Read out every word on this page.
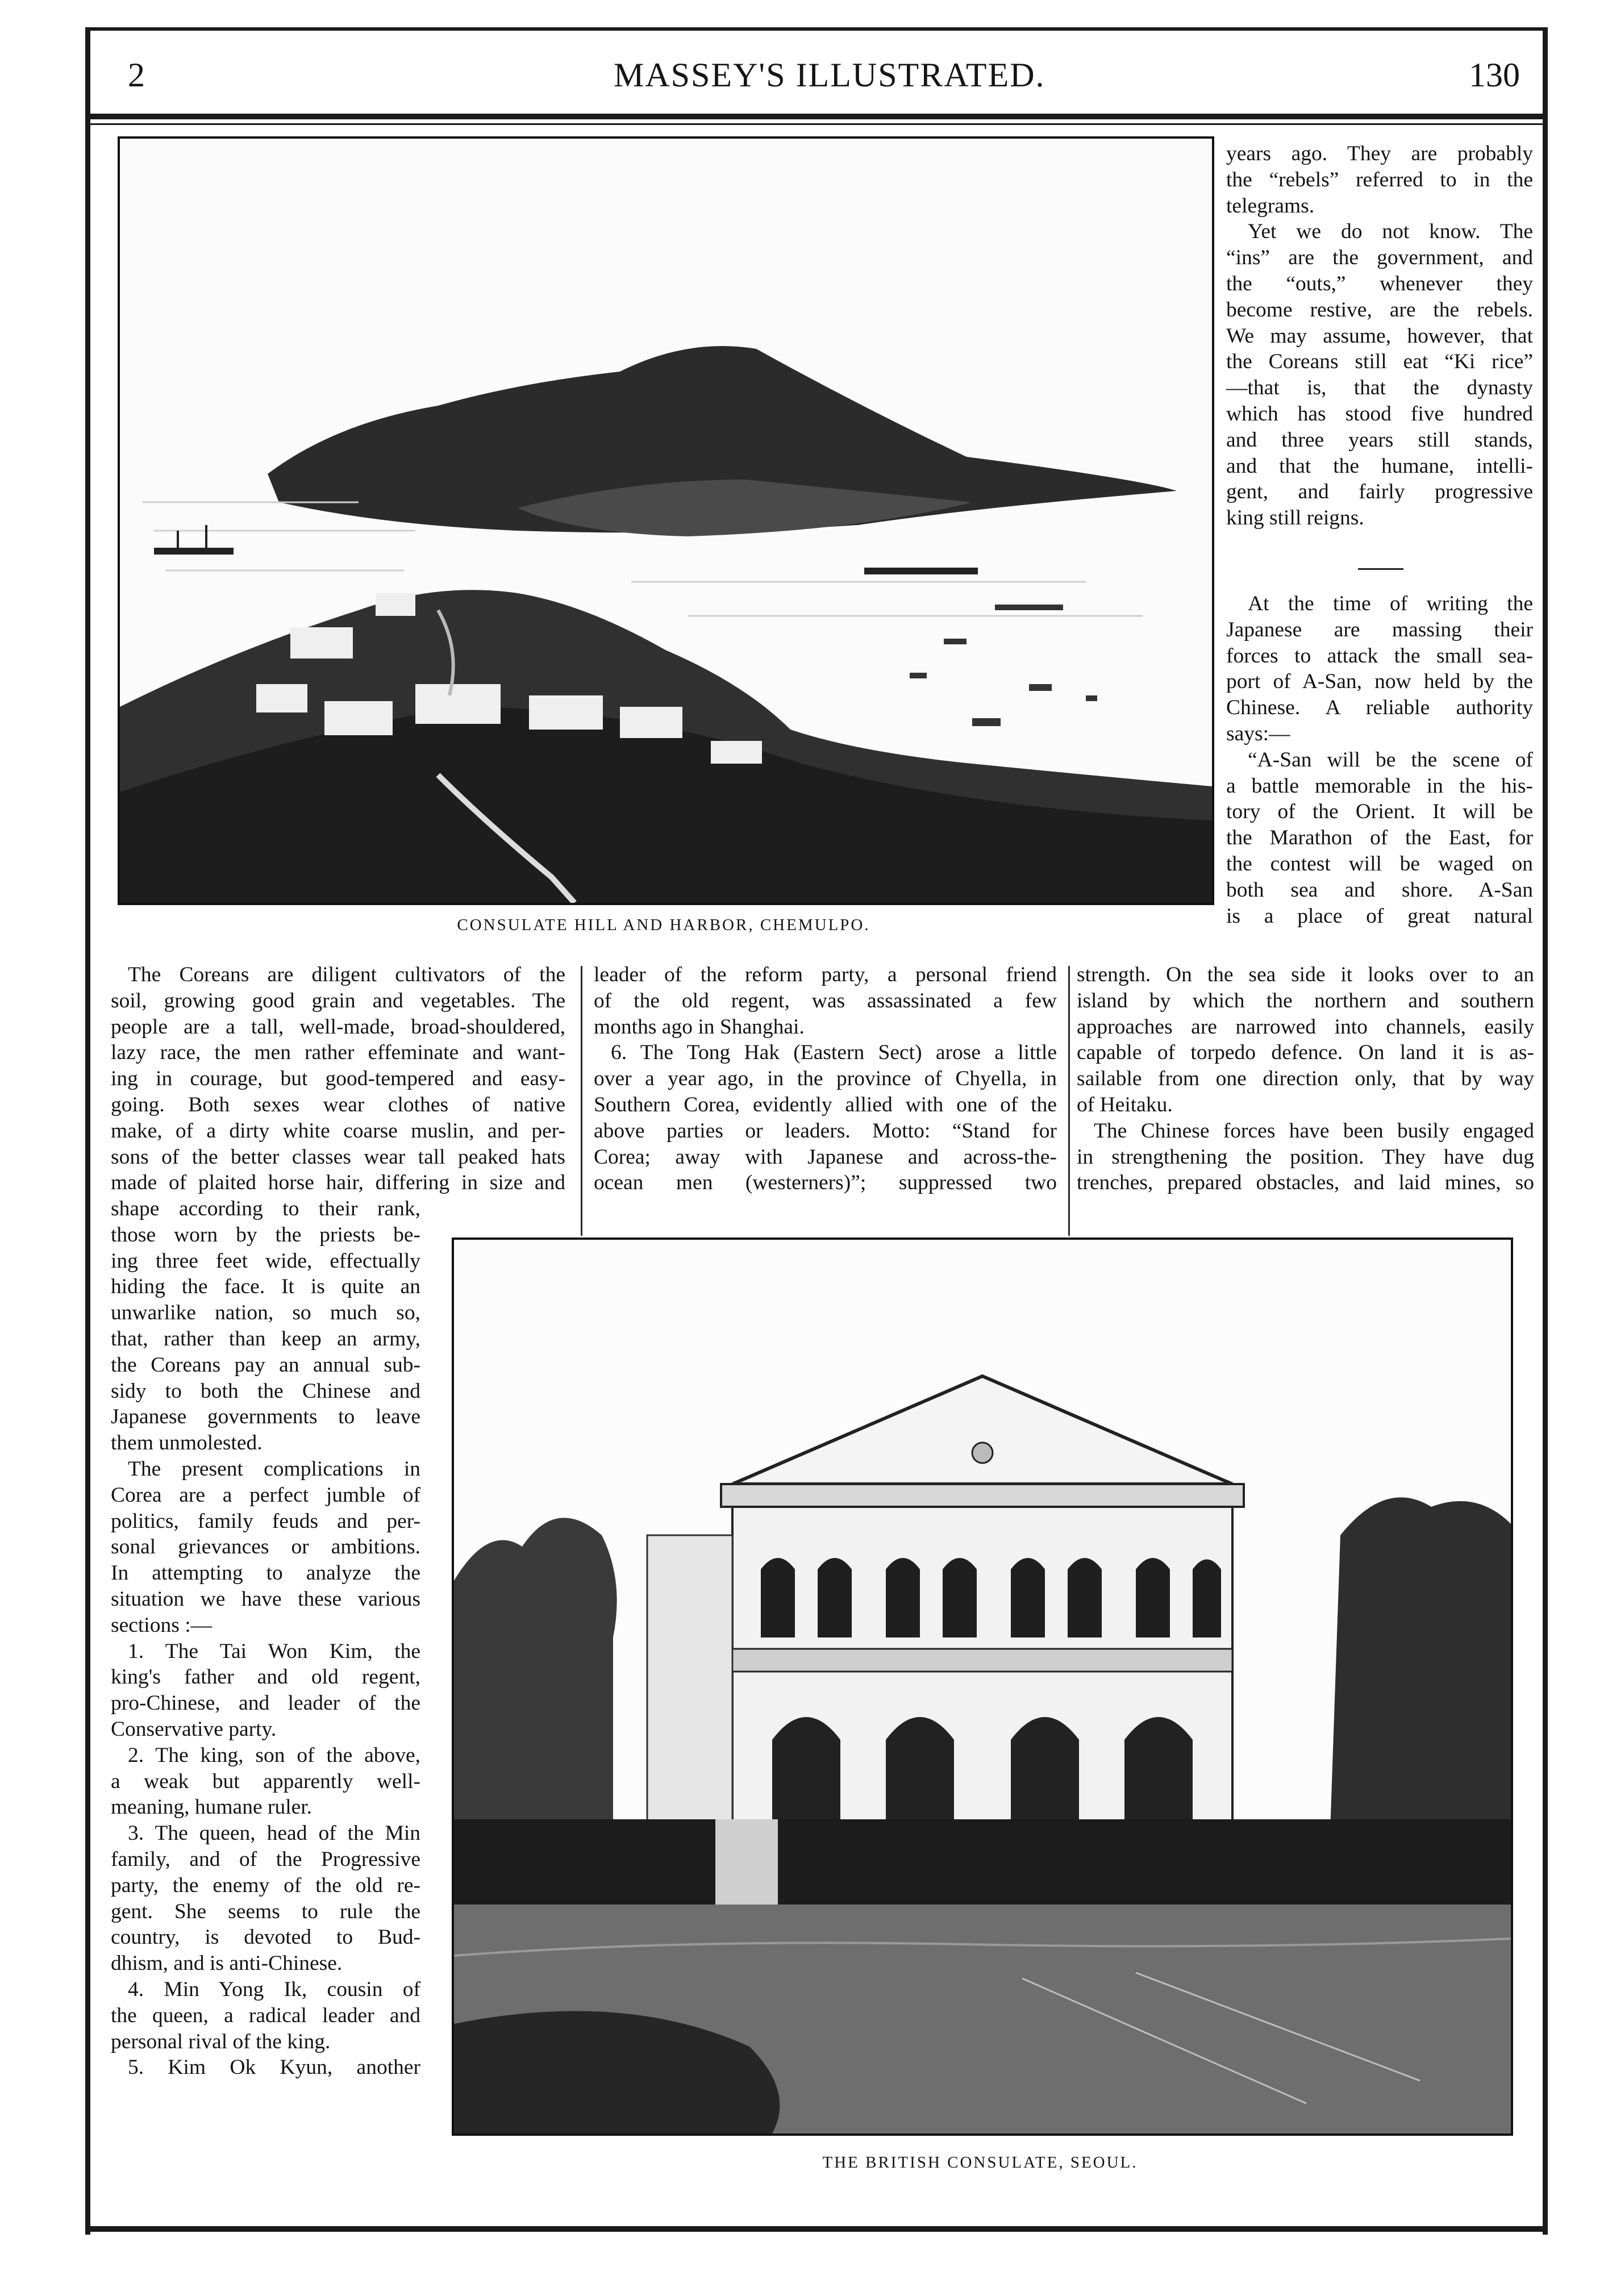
2	MASSEY'S ILLUSTRATED.	130
CONSULATE HILL AND HARBOR, CHEMULPO.
years ago. They are probably
the “rebels” referred to in the
telegrams.
Yet we do not know. The
“ins” are the government, and
the “outs,” whenever they
become restive, are the rebels.
We may assume, however, that
the Coreans still eat “Ki rice”
—that is, that the dynasty
which has stood five hundred
and three years still stands,
and that the humane, intelli-
gent, and fairly progressive
king still reigns.
At the time of writing the
Japanese are massing their
forces to attack the small sea-
port of A-San, now held by the
Chinese. A reliable authority
says:—
“A-San will be the scene of
a battle memorable in the his-
tory of the Orient. It will be
the Marathon of the East, for
the contest will be waged on
both sea and shore. A-San
is a place of great natural
The Coreans are diligent cultivators of the
soil, growing good grain and vegetables. The
people are a tall, well-made, broad-shouldered,
lazy race, the men rather effeminate and want-
ing in courage, but good-tempered and easy-
going. Both sexes wear clothes of native
make, of a dirty white coarse muslin, and per-
sons of the better classes wear tall peaked hats
made of plaited horse hair, differing in size and
shape according to their rank,
those worn by the priests be-
ing three feet wide, effectually
hiding the face. It is quite an
unwarlike nation, so much so,
that, rather than keep an army,
the Coreans pay an annual sub-
sidy to both the Chinese and
Japanese governments to leave
them unmolested.
The present complications in
Corea are a perfect jumble of
politics, family feuds and per-
sonal grievances or ambitions.
In attempting to analyze the
situation we have these various
sections :—
1. The Tai Won Kim, the
king's father and old regent,
pro-Chinese, and leader of the
Conservative party.
2. The king, son of the above,
a weak but apparently well-
meaning, humane ruler.
3. The queen, head of the Min
family, and of the Progressive
party, the enemy of the old re-
gent. She seems to rule the
country, is devoted to Bud-
dhism, and is anti-Chinese.
4. Min Yong Ik, cousin of
the queen, a radical leader and
personal rival of the king.
5. Kim Ok Kyun, another
leader of the reform party, a personal friend
of the old regent, was assassinated a few
months ago in Shanghai.
6. The Tong Hak (Eastern Sect) arose a little
over a year ago, in the province of Chyella, in
Southern Corea, evidently allied with one of the
above parties or leaders. Motto: “Stand for
Corea; away with Japanese and across-the-
ocean men (westerners)”; suppressed two
strength. On the sea side it looks over to an
island by which the northern and southern
approaches are narrowed into channels, easily
capable of torpedo defence. On land it is as-
sailable from one direction only, that by way
of Heitaku.
The Chinese forces have been busily engaged
in strengthening the position. They have dug
trenches, prepared obstacles, and laid mines, so
THE BRITISH CONSULATE, SEOUL.
